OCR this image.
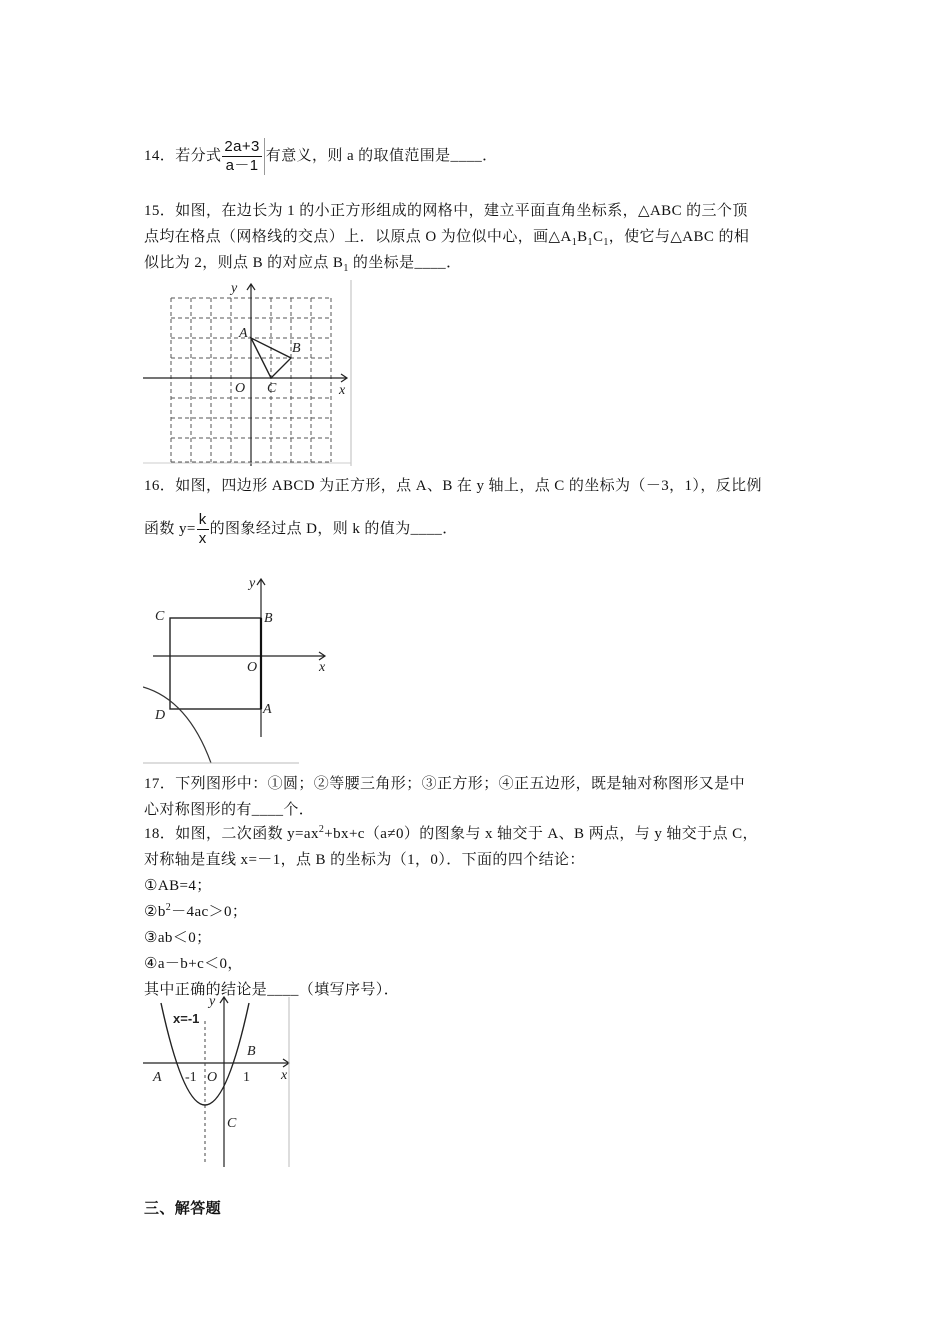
14．若分式 $\frac{2a+3}{a-1}$ 有意义，则 a 的取值范围是____．
15．如图，在边长为 1 的小正方形组成的网格中，建立平面直角坐标系，△ABC 的三个顶
点均在格点（网格线的交点）上．以原点 O 为位似中心，画$\triangle A_1B_1C_1$，使它与△ABC 的相
似比为 2，则点 B 的对应点 $B_1$ 的坐标是____．
A
B
C
O	x
y
16．如图，四边形 ABCD 为正方形，点 A、B 在 y 轴上，点 C 的坐标为（－3，1），反比例
函数 $y= \frac{k}{x}$ 的图象经过点 D，则 k 的值为____．
C	B
O	x
y
D	A
17．下列图形中：①圆；②等腰三角形；③正方形；④正五边形，既是轴对称图形又是中
心对称图形的有____个．
18．如图，二次函数 $y=ax^2+bx+c(a\ne 0)$的图象与 x 轴交于 A、B 两点，与 y 轴交于点 C，
对称轴是直线 x=－1，点 B 的坐标为（1，0）．下面的四个结论：
①AB=4；
$②b^2-4ac>0$；
③ab＜0；
④a－b+c＜0，
其中正确的结论是____（填写序号）．
x=-1
A -1 O 1
B
C
x
y
三、解答题
